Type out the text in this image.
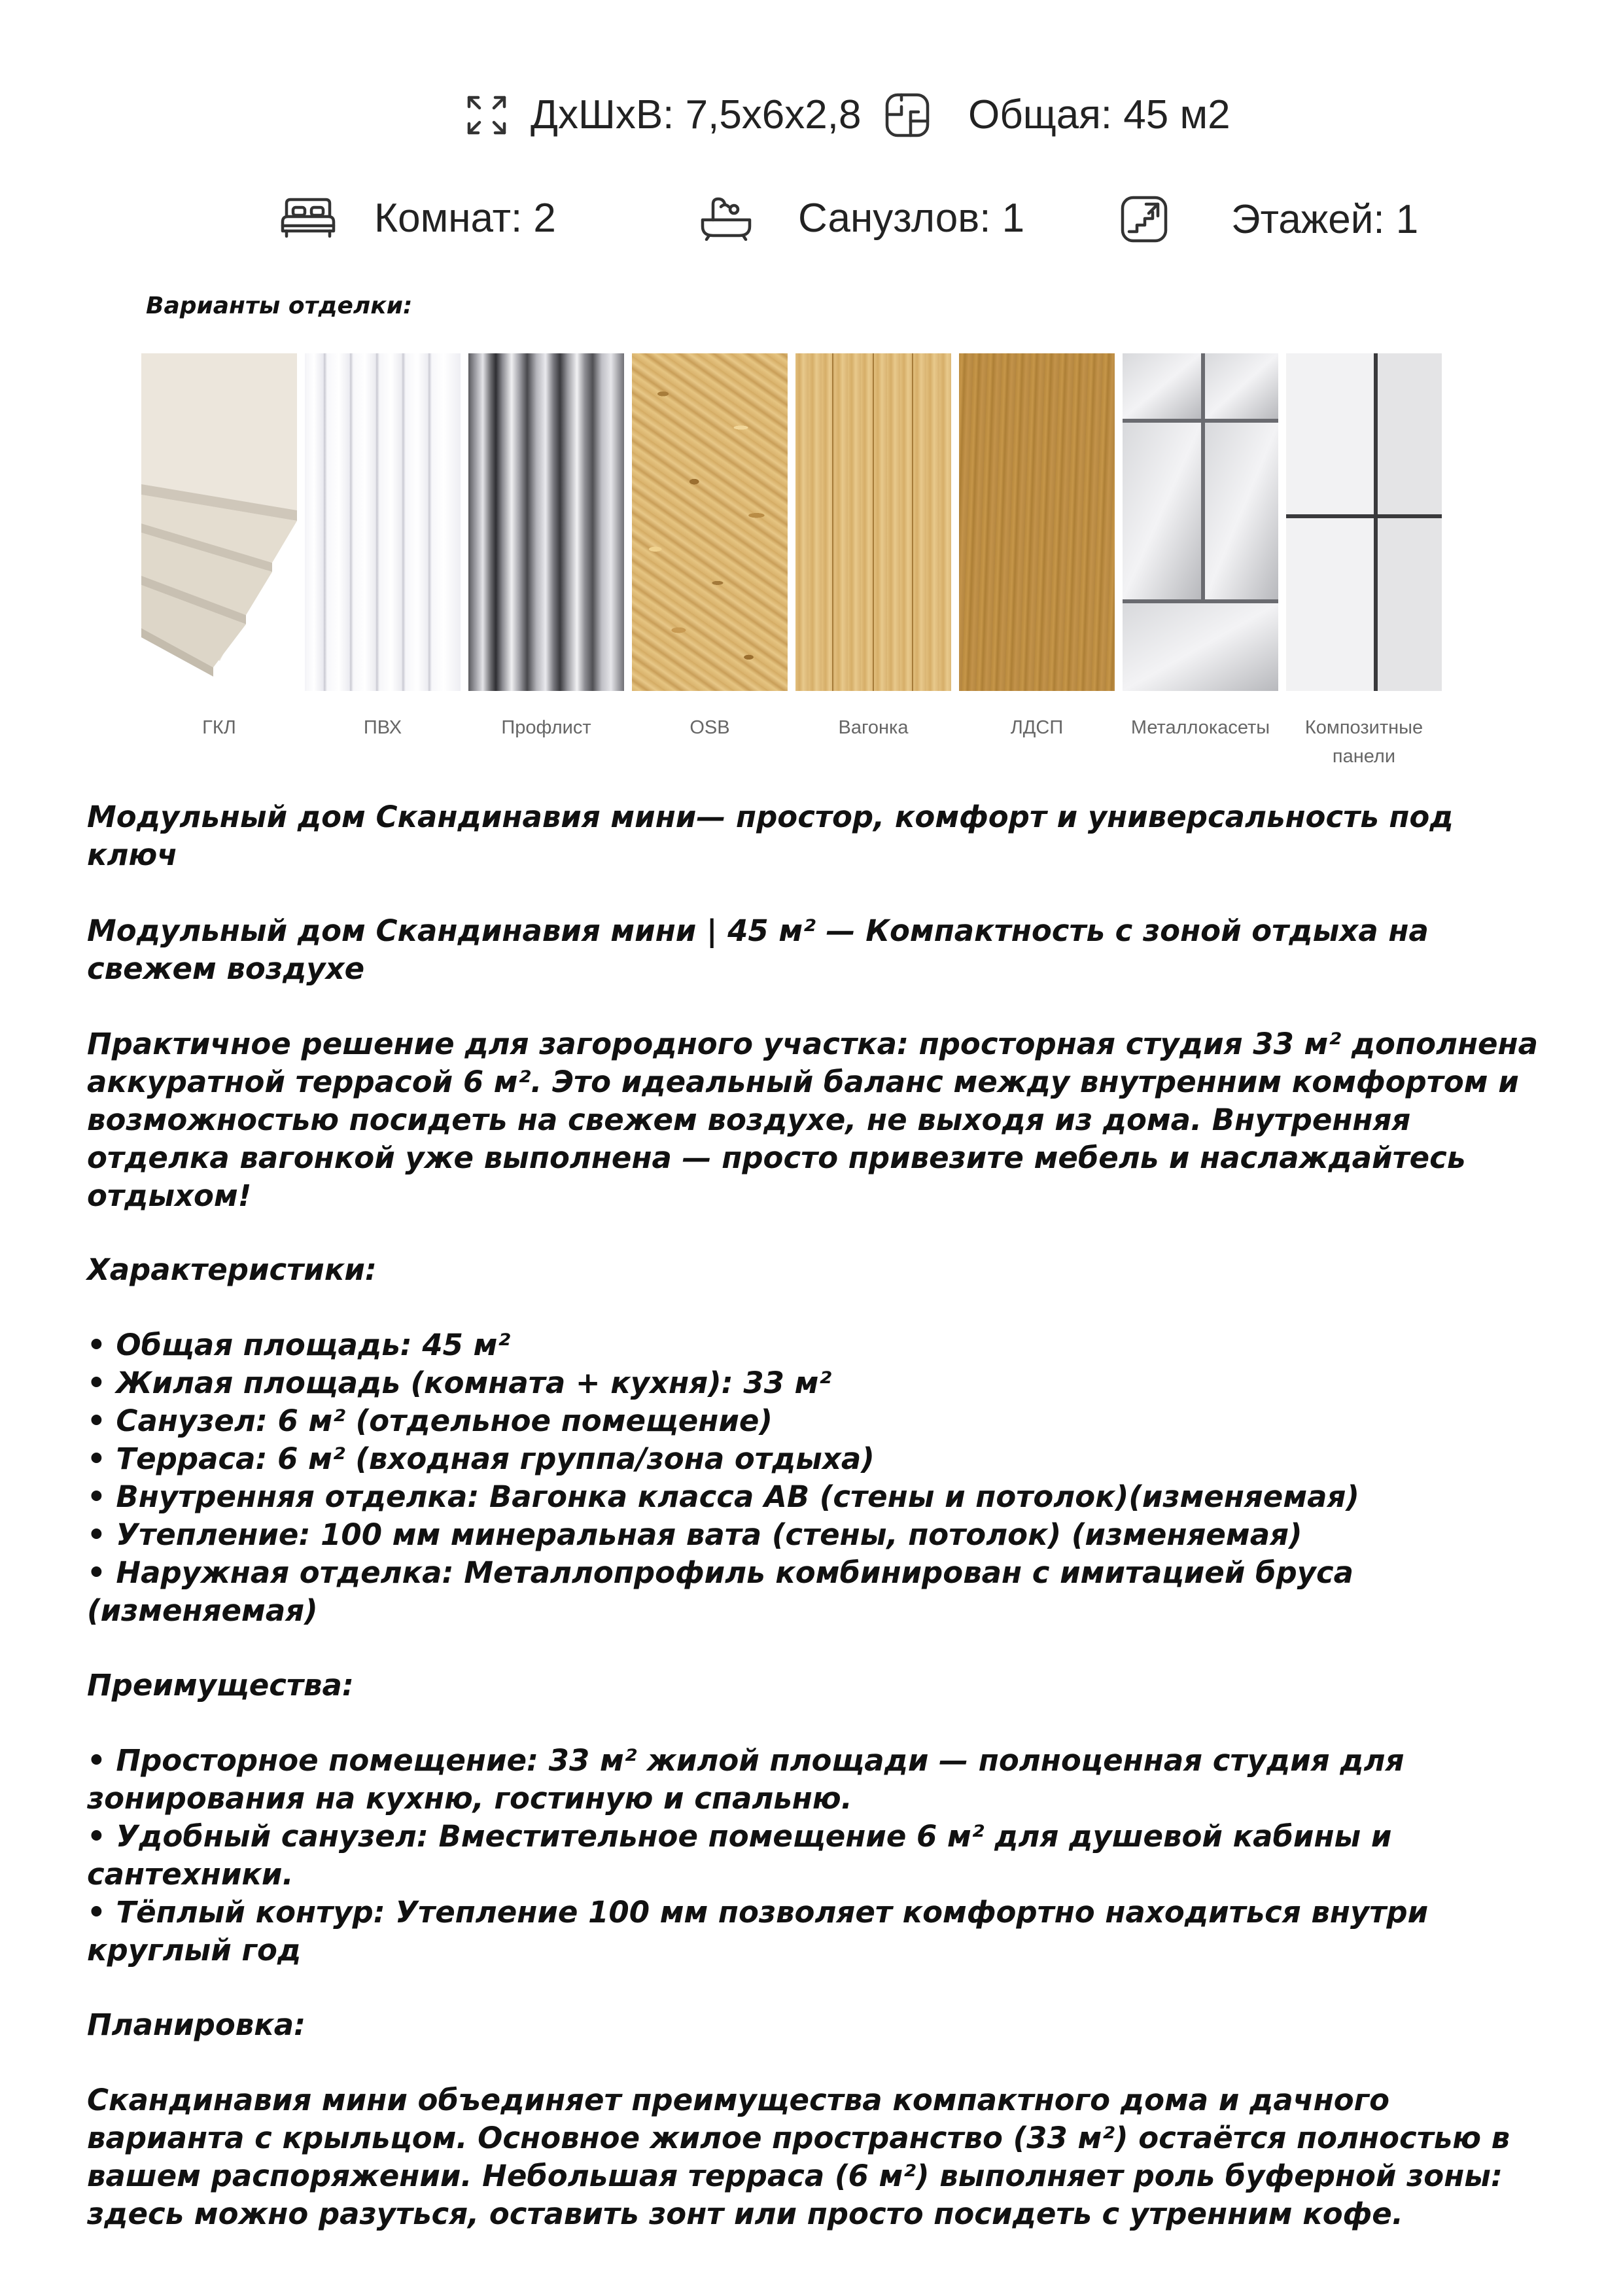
ДхШхВ: 7,5х6х2,8	Общая: 45 м2
Комнат: 2	Санузлов: 1	Этажей: 1
Варианты отделки:
ГКЛ	ПВХ	Профлист	OSB	Вагонка	ЛДСП	Металлокасеты	Композитные панели

Модульный дом Скандинавия мини— простор, комфорт и универсальность под ключ

Модульный дом Скандинавия мини | 45 м² — Компактность с зоной отдыха на свежем воздухе

Практичное решение для загородного участка: просторная студия 33 м² дополнена аккуратной террасой 6 м². Это идеальный баланс между внутренним комфортом и возможностью посидеть на свежем воздухе, не выходя из дома. Внутренняя отделка вагонкой уже выполнена — просто привезите мебель и наслаждайтесь отдыхом!

Характеристики:

• Общая площадь: 45 м²

• Жилая площадь (комната + кухня): 33 м²

• Санузел: 6 м² (отдельное помещение)

• Терраса: 6 м² (входная группа/зона отдыха)

• Внутренняя отделка: Вагонка класса АВ (стены и потолок)(изменяемая)

• Утепление: 100 мм минеральная вата (стены, потолок) (изменяемая)

• Наружная отделка: Металлопрофиль комбинирован с имитацией бруса (изменяемая)

Преимущества:

• Просторное помещение: 33 м² жилой площади — полноценная студия для зонирования на кухню, гостиную и спальню.

• Удобный санузел: Вместительное помещение 6 м² для душевой кабины и сантехники.

• Тёплый контур: Утепление 100 мм позволяет комфортно находиться внутри круглый год

Планировка:

Скандинавия мини объединяет преимущества компактного дома и дачного варианта с крыльцом. Основное жилое пространство (33 м²) остаётся полностью в вашем распоряжении. Небольшая терраса (6 м²) выполняет роль буферной зоны: здесь можно разуться, оставить зонт или просто посидеть с утренним кофе.
